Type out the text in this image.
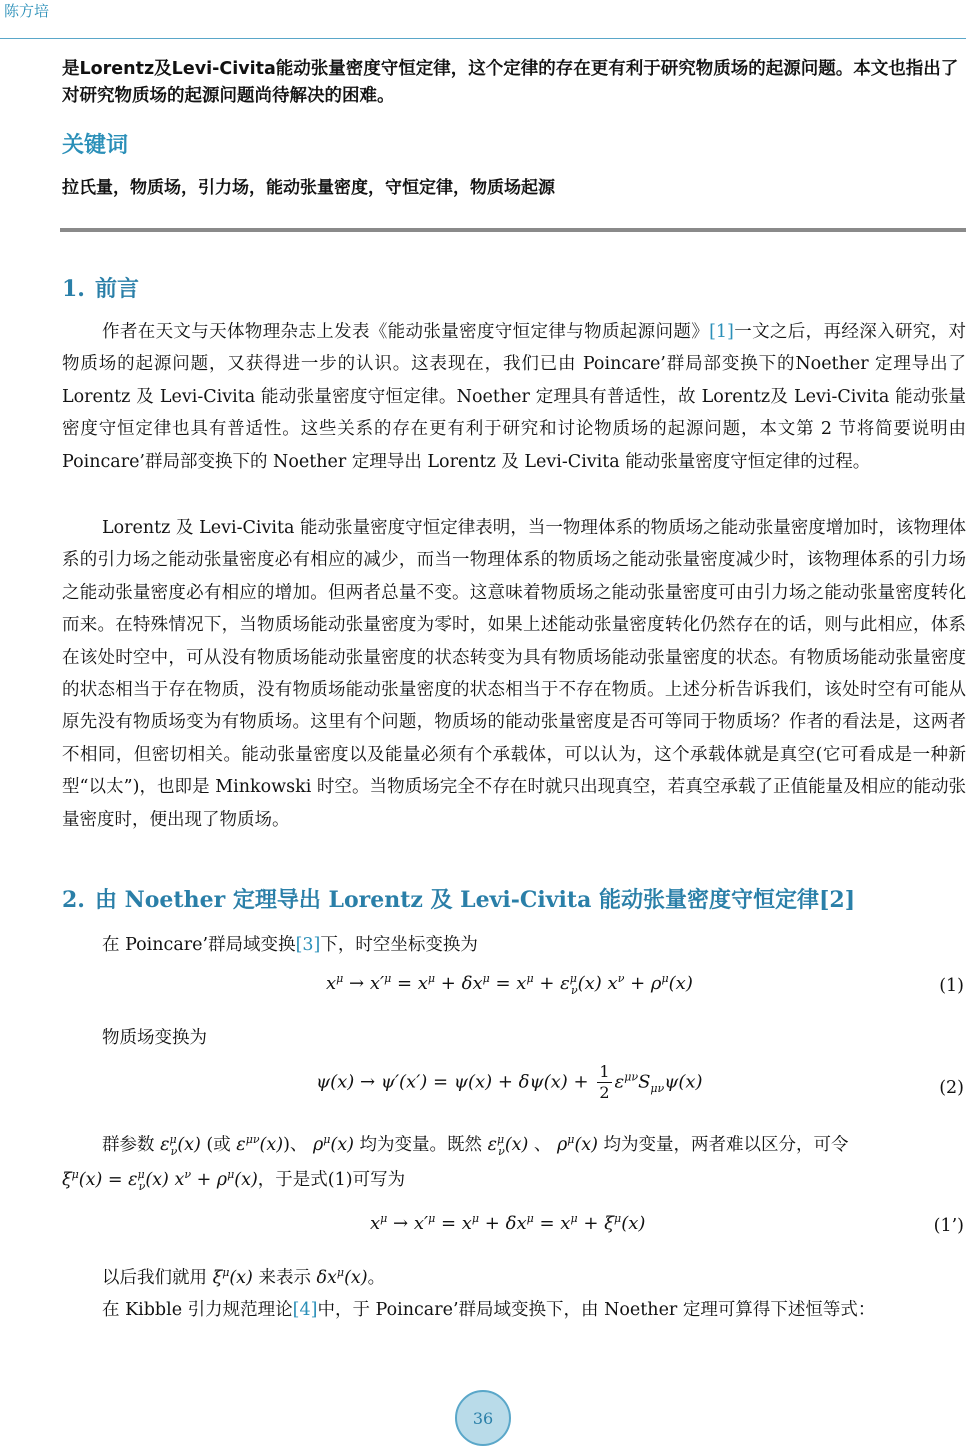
陈方培
是Lorentz及Levi-Civita能动张量密度守恒定律，这个定律的存在更有利于研究物质场的起源问题。本文也指出了对研究物质场的起源问题尚待解决的困难。
关键词
拉氏量，物质场，引力场，能动张量密度，守恒定律，物质场起源
1. 前言
作者在天文与天体物理杂志上发表《能动张量密度守恒定律与物质起源问题》[1]一文之后，再经深入研究，对物质场的起源问题，又获得进一步的认识。这表现在，我们已由 Poincare’群局部变换下的Noether 定理导出了 Lorentz 及 Levi-Civita 能动张量密度守恒定律。Noether 定理具有普适性，故 Lorentz及 Levi-Civita 能动张量密度守恒定律也具有普适性。这些关系的存在更有利于研究和讨论物质场的起源问题，本文第 2 节将简要说明由 Poincare’群局部变换下的 Noether 定理导出 Lorentz 及 Levi-Civita 能动张量密度守恒定律的过程。
Lorentz 及 Levi-Civita 能动张量密度守恒定律表明，当一物理体系的物质场之能动张量密度增加时，该物理体系的引力场之能动张量密度必有相应的减少，而当一物理体系的物质场之能动张量密度减少时，该物理体系的引力场之能动张量密度必有相应的增加。但两者总量不变。这意味着物质场之能动张量密度可由引力场之能动张量密度转化而来。在特殊情况下，当物质场能动张量密度为零时，如果上述能动张量密度转化仍然存在的话，则与此相应，体系在该处时空中，可从没有物质场能动张量密度的状态转变为具有物质场能动张量密度的状态。有物质场能动张量密度的状态相当于存在物质，没有物质场能动张量密度的状态相当于不存在物质。上述分析告诉我们，该处时空有可能从原先没有物质场变为有物质场。这里有个问题，物质场的能动张量密度是否可等同于物质场？作者的看法是，这两者不相同，但密切相关。能动张量密度以及能量必须有个承载体，可以认为，这个承载体就是真空(它可看成是一种新型“以太”)，也即是 Minkowski 时空。当物质场完全不存在时就只出现真空，若真空承载了正值能量及相应的能动张量密度时，便出现了物质场。
2. 由 Noether 定理导出 Lorentz 及 Levi-Civita 能动张量密度守恒定律[2]
在 Poincare’群局域变换[3]下，时空坐标变换为
$x^\mu \to x'^\mu = x^\mu + \delta x^\mu = x^\mu + \varepsilon^\mu_\nu(x) x^\nu + \rho^\mu(x)$	(1)
物质场变换为
$\psi(x) \to \psi'(x') = \psi(x) + \delta\psi(x) + \frac{1}{2} \varepsilon^{\mu\nu}S_{\mu\nu}\psi(x)$	(2)
群参数 $\varepsilon^\mu_\nu(x)$ (或 $\varepsilon^{\mu\nu}(x)$)、 $\rho^\mu(x)$ 均为变量。既然 $\varepsilon^\mu_\nu(x)$ 、 $\rho^\mu(x)$ 均为变量，两者难以区分，可令
$\xi^\mu(x) = \varepsilon^\mu_\nu(x) x^\nu + \rho^\mu(x)$，于是式(1)可写为
$x^\mu \to x'^\mu = x^\mu + \delta x^\mu = x^\mu + \xi^\mu(x)$	(1’)
以后我们就用 $\xi^\mu(x)$ 来表示 $\delta x^\mu(x)$。
在 Kibble 引力规范理论[4]中，于 Poincare’群局域变换下，由 Noether 定理可算得下述恒等式：
36
